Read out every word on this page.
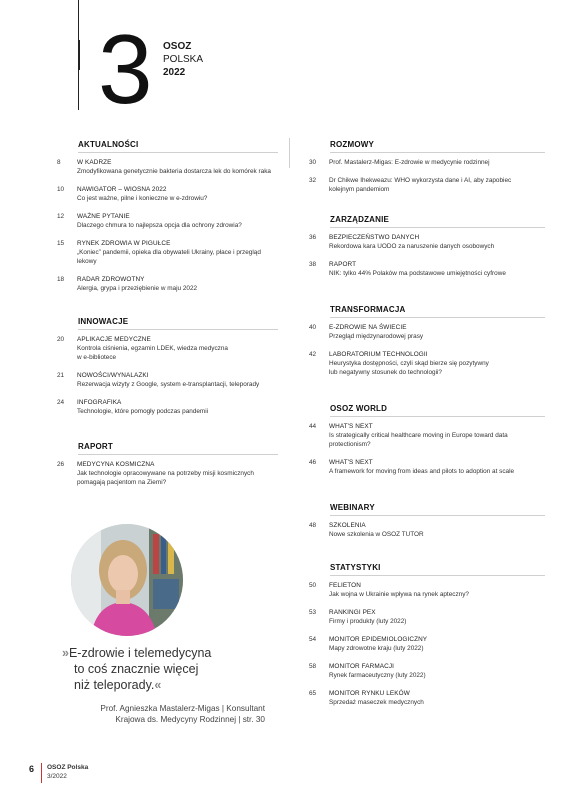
3 OSOZ
POLSKA
2022
AKTUALNOŚCI
8	W KADRZE
Zmodyfikowana genetycznie bakteria dostarcza lek do komórek raka
10	NAWIGATOR – WIOSNA 2022
Co jest ważne, pilne i konieczne w e-zdrowiu?
12	WAŻNE PYTANIE
Dlaczego chmura to najlepsza opcja dla ochrony zdrowia?
15	RYNEK ZDROWIA W PIGUŁCE
„Koniec” pandemii, opieka dla obywateli Ukrainy, płace i przegląd
lekowy
18	RADAR ZDROWOTNY
Alergia, grypa i przeziębienie w maju 2022
INNOWACJE
20	APLIKACJE MEDYCZNE
Kontrola ciśnienia, egzamin LDEK, wiedza medyczna
w e-bibliotece
21	NOWOŚCI/WYNALAZKI
Rezerwacja wizyty z Google, system e-transplantacji, teleporady
24	INFOGRAFIKA
Technologie, które pomogły podczas pandemii
RAPORT
26	MEDYCYNA KOSMICZNA
Jak technologie opracowywane na potrzeby misji kosmicznych
pomagają pacjentom na Ziemi?
ROZMOWY
30	Prof. Mastalerz-Migas: E-zdrowie w medycynie rodzinnej
32	Dr Chikwe Ihekweazu: WHO wykorzysta dane i AI, aby zapobiec
kolejnym pandemiom
ZARZĄDZANIE
36	BEZPIECZEŃSTWO DANYCH
Rekordowa kara UODO za naruszenie danych osobowych
38	RAPORT
NIK: tylko 44% Polaków ma podstawowe umiejętności cyfrowe
TRANSFORMACJA
40	E-ZDROWIE NA ŚWIECIE
Przegląd międzynarodowej prasy
42	LABORATORIUM TECHNOLOGII
Heurystyka dostępności, czyli skąd bierze się pozytywny
lub negatywny stosunek do technologii?
OSOZ WORLD
44	WHAT'S NEXT
Is strategically critical healthcare moving in Europe toward data
protectionism?
46	WHAT'S NEXT
A framework for moving from ideas and pilots to adoption at scale
WEBINARY
48	SZKOLENIA
Nowe szkolenia w OSOZ TUTOR
STATYSTYKI
50	FELIETON
Jak wojna w Ukrainie wpływa na rynek apteczny?
53	RANKINGI PEX
Firmy i produkty (luty 2022)
54	MONITOR EPIDEMIOLOGICZNY
Mapy zdrowotne kraju (luty 2022)
58	MONITOR FARMACJI
Rynek farmaceutyczny (luty 2022)
65	MONITOR RYNKU LEKÓW
Sprzedaż maseczek medycznych
»E-zdrowie i telemedycyna
to coś znacznie więcej
niż teleporady.«
Prof. Agnieszka Mastalerz-Migas | Konsultant
Krajowa ds. Medycyny Rodzinnej | str. 30
6 OSOZ Polska
3/2022
